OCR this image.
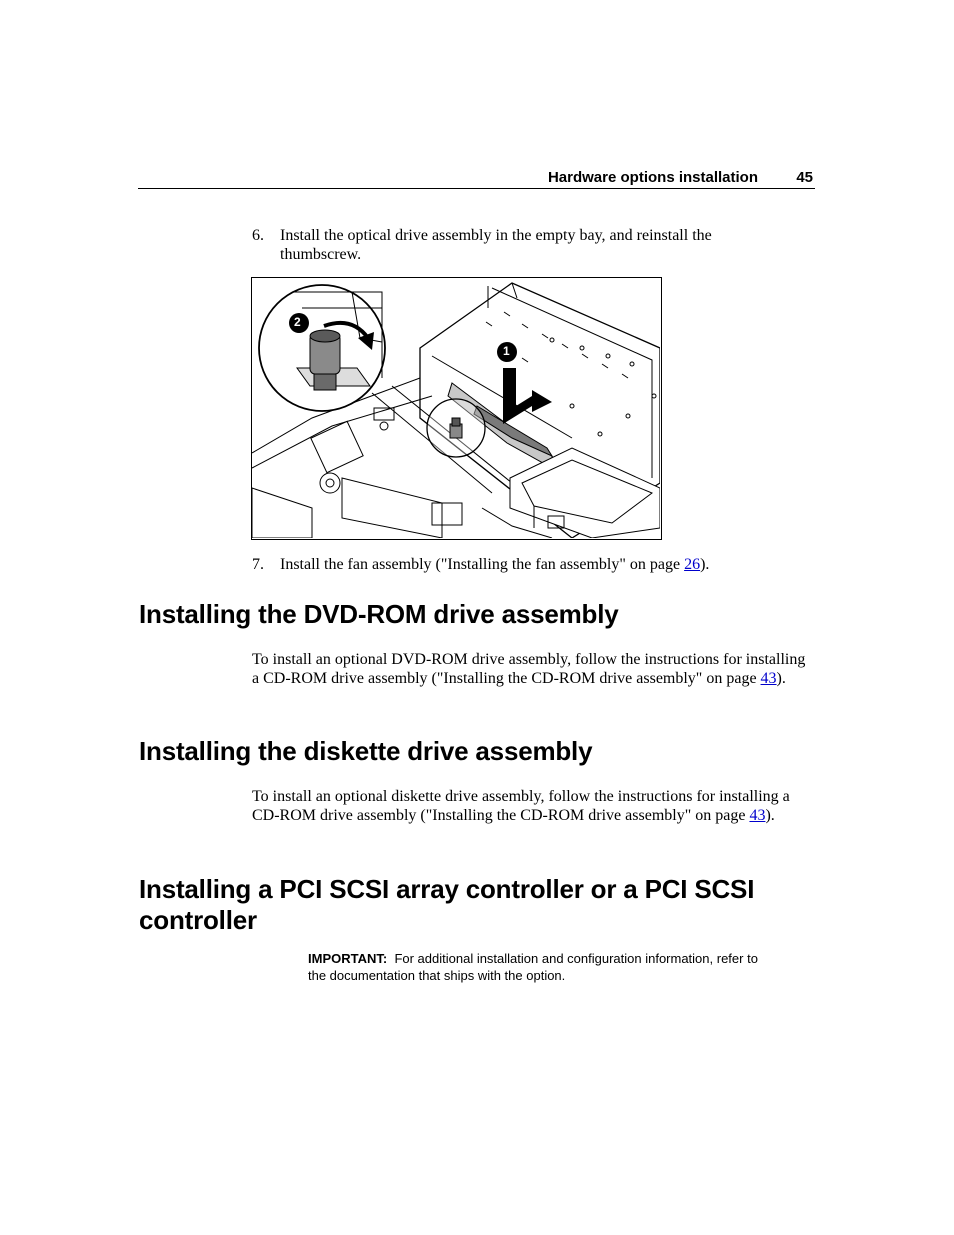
Hardware options installation	45
6. Install the optical drive assembly in the empty bay, and reinstall the thumbscrew.
2
1
7. Install the fan assembly ("Installing the fan assembly" on page 26).
Installing the DVD-ROM drive assembly
To install an optional DVD-ROM drive assembly, follow the instructions for installing a CD-ROM drive assembly ("Installing the CD-ROM drive assembly" on page 43).
Installing the diskette drive assembly
To install an optional diskette drive assembly, follow the instructions for installing a CD-ROM drive assembly ("Installing the CD-ROM drive assembly" on page 43).
Installing a PCI SCSI array controller or a PCI SCSI controller
IMPORTANT: For additional installation and configuration information, refer to the documentation that ships with the option.
